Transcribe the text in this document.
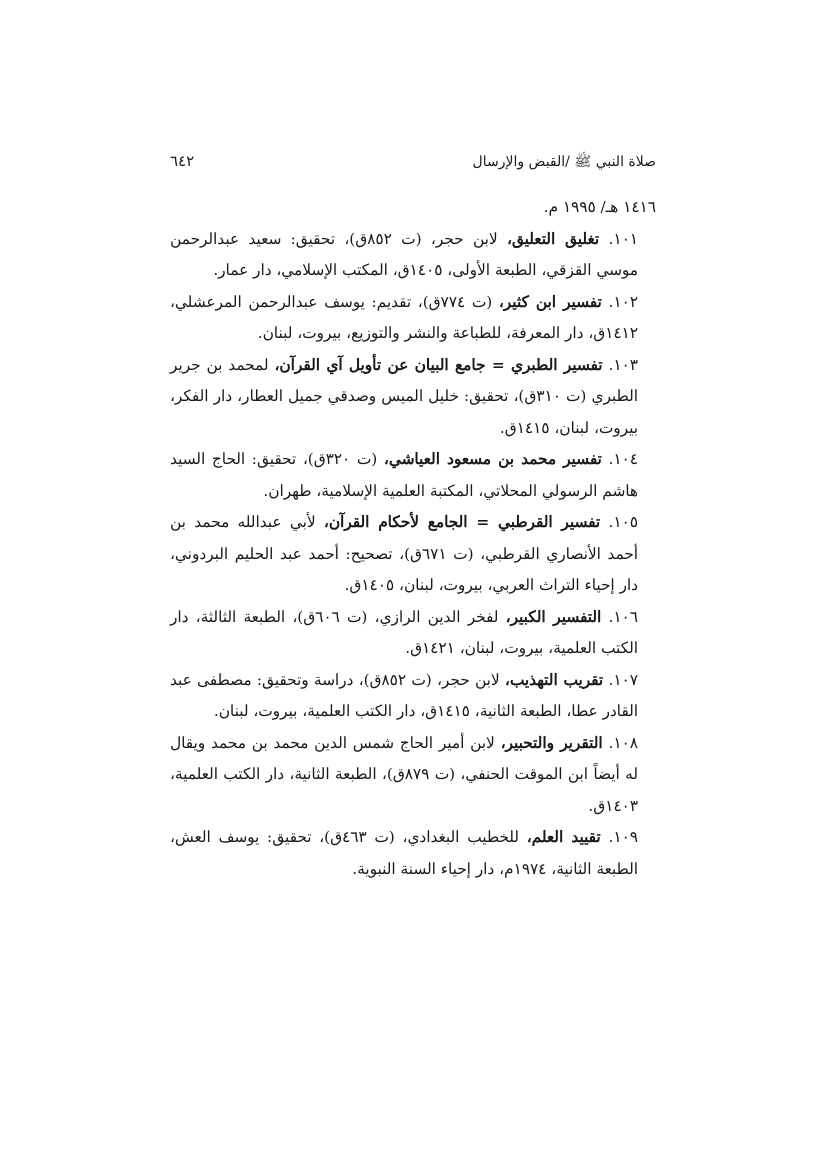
صلاة النبي ﷺ /القبض والإرسال
٦٤٢

١٤١٦ هـ/ ١٩٩٥ م.

١٠١. تغليق التعليق، لابن حجر، (ت ٨٥٢ق)، تحقيق: سعيد عبدالرحمن موسي القزقي، الطبعة الأولى، ١٤٠٥ق، المكتب الإسلامي، دار عمار.

١٠٢. تفسير ابن كثير، (ت ٧٧٤ق)، تقديم: يوسف عبدالرحمن المرعشلي، ١٤١٢ق، دار المعرفة، للطباعة والنشر والتوزيع، بيروت، لبنان.

١٠٣. تفسير الطبري = جامع البيان عن تأويل آي القرآن، لمحمد بن جرير الطبري (ت ٣١٠ق)، تحقيق: خليل الميس وصدقي جميل العطار، دار الفكر، بيروت، لبنان، ١٤١٥ق.

١٠٤. تفسير محمد بن مسعود العياشي، (ت ٣٢٠ق)، تحقيق: الحاج السيد هاشم الرسولي المحلاتي، المكتبة العلمية الإسلامية، طهران.

١٠٥. تفسير القرطبي = الجامع لأحكام القرآن، لأبي عبدالله محمد بن أحمد الأنصاري القرطبي، (ت ٦٧١ق)، تصحيح: أحمد عبد الحليم البردوني، دار إحياء التراث العربي، بيروت، لبنان، ١٤٠٥ق.

١٠٦. التفسير الكبير، لفخر الدين الرازي، (ت ٦٠٦ق)، الطبعة الثالثة، دار الكتب العلمية، بيروت، لبنان، ١٤٢١ق.

١٠٧. تقريب التهذيب، لابن حجر، (ت ٨٥٢ق)، دراسة وتحقيق: مصطفى عبد القادر عطا، الطبعة الثانية، ١٤١٥ق، دار الكتب العلمية، بيروت، لبنان.

١٠٨. التقرير والتحبير، لابن أمير الحاج شمس الدين محمد بن محمد ويقال له أيضاً ابن الموقت الحنفي، (ت ٨٧٩ق)، الطبعة الثانية، دار الكتب العلمية، ١٤٠٣ق.

١٠٩. تقييد العلم، للخطيب البغدادي، (ت ٤٦٣ق)، تحقيق: يوسف العش، الطبعة الثانية، ١٩٧٤م، دار إحياء السنة النبوية.
